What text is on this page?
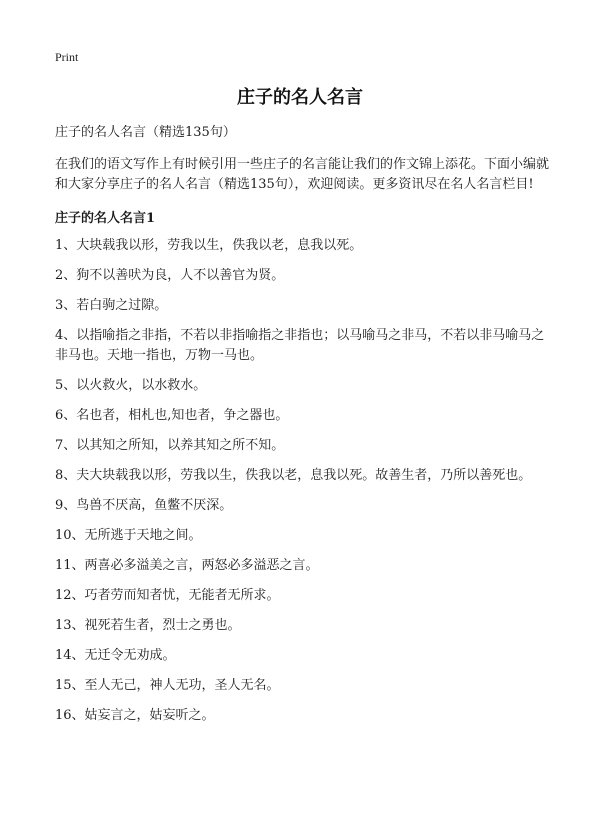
Print
庄子的名人名言

庄子的名人名言（精选135句）

在我们的语文写作上有时候引用一些庄子的名言能让我们的作文锦上添花。下面小编就和大家分享庄子的名人名言（精选135句），欢迎阅读。更多资讯尽在名人名言栏目!

庄子的名人名言1

1、大块载我以形，劳我以生，佚我以老，息我以死。
2、狗不以善吠为良，人不以善官为贤。
3、若白驹之过隙。
4、以指喻指之非指，不若以非指喻指之非指也；以马喻马之非马，不若以非马喻马之非马也。天地一指也，万物一马也。
5、以火救火，以水救水。
6、名也者，相札也,知也者，争之器也。
7、以其知之所知，以养其知之所不知。
8、夫大块载我以形，劳我以生，佚我以老，息我以死。故善生者，乃所以善死也。
9、鸟兽不厌高，鱼鳖不厌深。
10、无所逃于天地之间。
11、两喜必多溢美之言，两怒必多溢恶之言。
12、巧者劳而知者忧，无能者无所求。
13、视死若生者，烈士之勇也。
14、无迁令无劝成。
15、至人无己，神人无功，圣人无名。
16、姑妄言之，姑妄听之。
